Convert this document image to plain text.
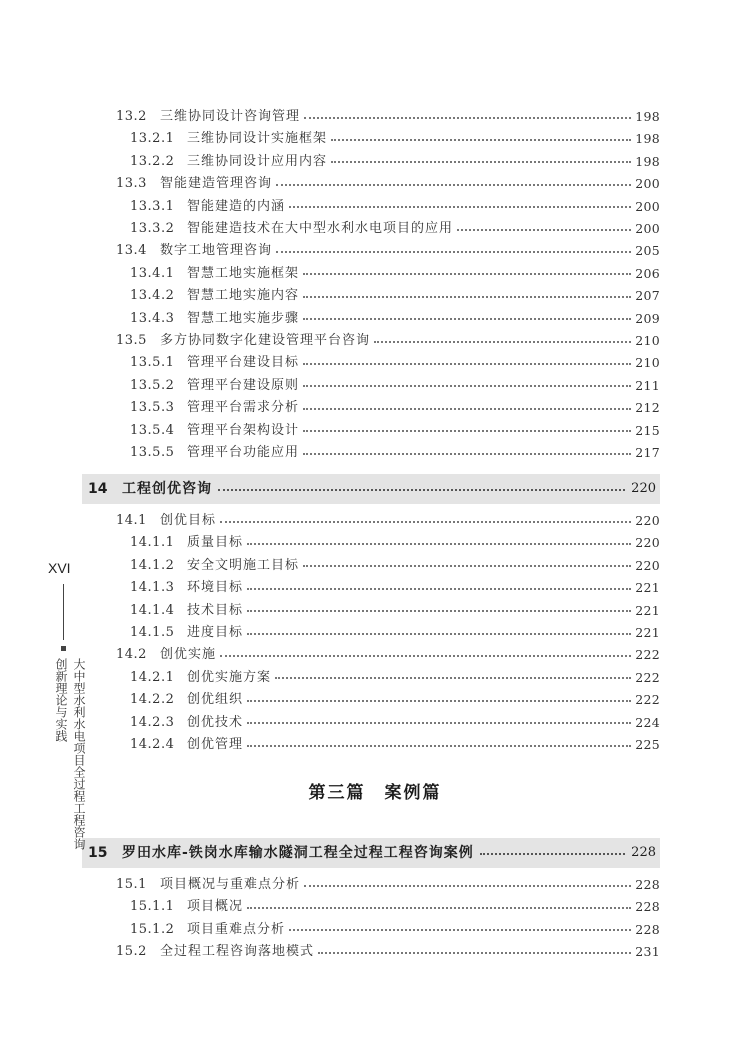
13.2	三维协同设计咨询管理	198
13.2.1 三维协同设计实施框架	198
13.2.2 三维协同设计应用内容	198
13.3	智能建造管理咨询	200
13.3.1 智能建造的内涵	200
13.3.2 智能建造技术在大中型水利水电项目的应用	200
13.4	数字工地管理咨询	205
13.4.1 智慧工地实施框架	206
13.4.2 智慧工地实施内容	207
13.4.3 智慧工地实施步骤	209
13.5	多方协同数字化建设管理平台咨询	210
13.5.1 管理平台建设目标	210
13.5.2 管理平台建设原则	211
13.5.3 管理平台需求分析	212
13.5.4 管理平台架构设计	215
13.5.5 管理平台功能应用	217
14	工程创优咨询	220
14.1	创优目标	220
14.1.1 质量目标	220
14.1.2 安全文明施工目标	220
14.1.3 环境目标	221
14.1.4 技术目标	221
14.1.5 进度目标	221
14.2	创优实施	222
14.2.1 创优实施方案	222
14.2.2 创优组织	222
14.2.3 创优技术	224
14.2.4 创优管理	225
15	罗田水库-铁岗水库输水隧洞工程全过程工程咨询案例	228
15.1	项目概况与重难点分析	228
15.1.1 项目概况	228
15.1.2 项目重难点分析	228
15.2	全过程工程咨询落地模式	231
第三篇　案例篇
XVI
大中型水利水电项目全过程工程咨询
创新理论与实践
